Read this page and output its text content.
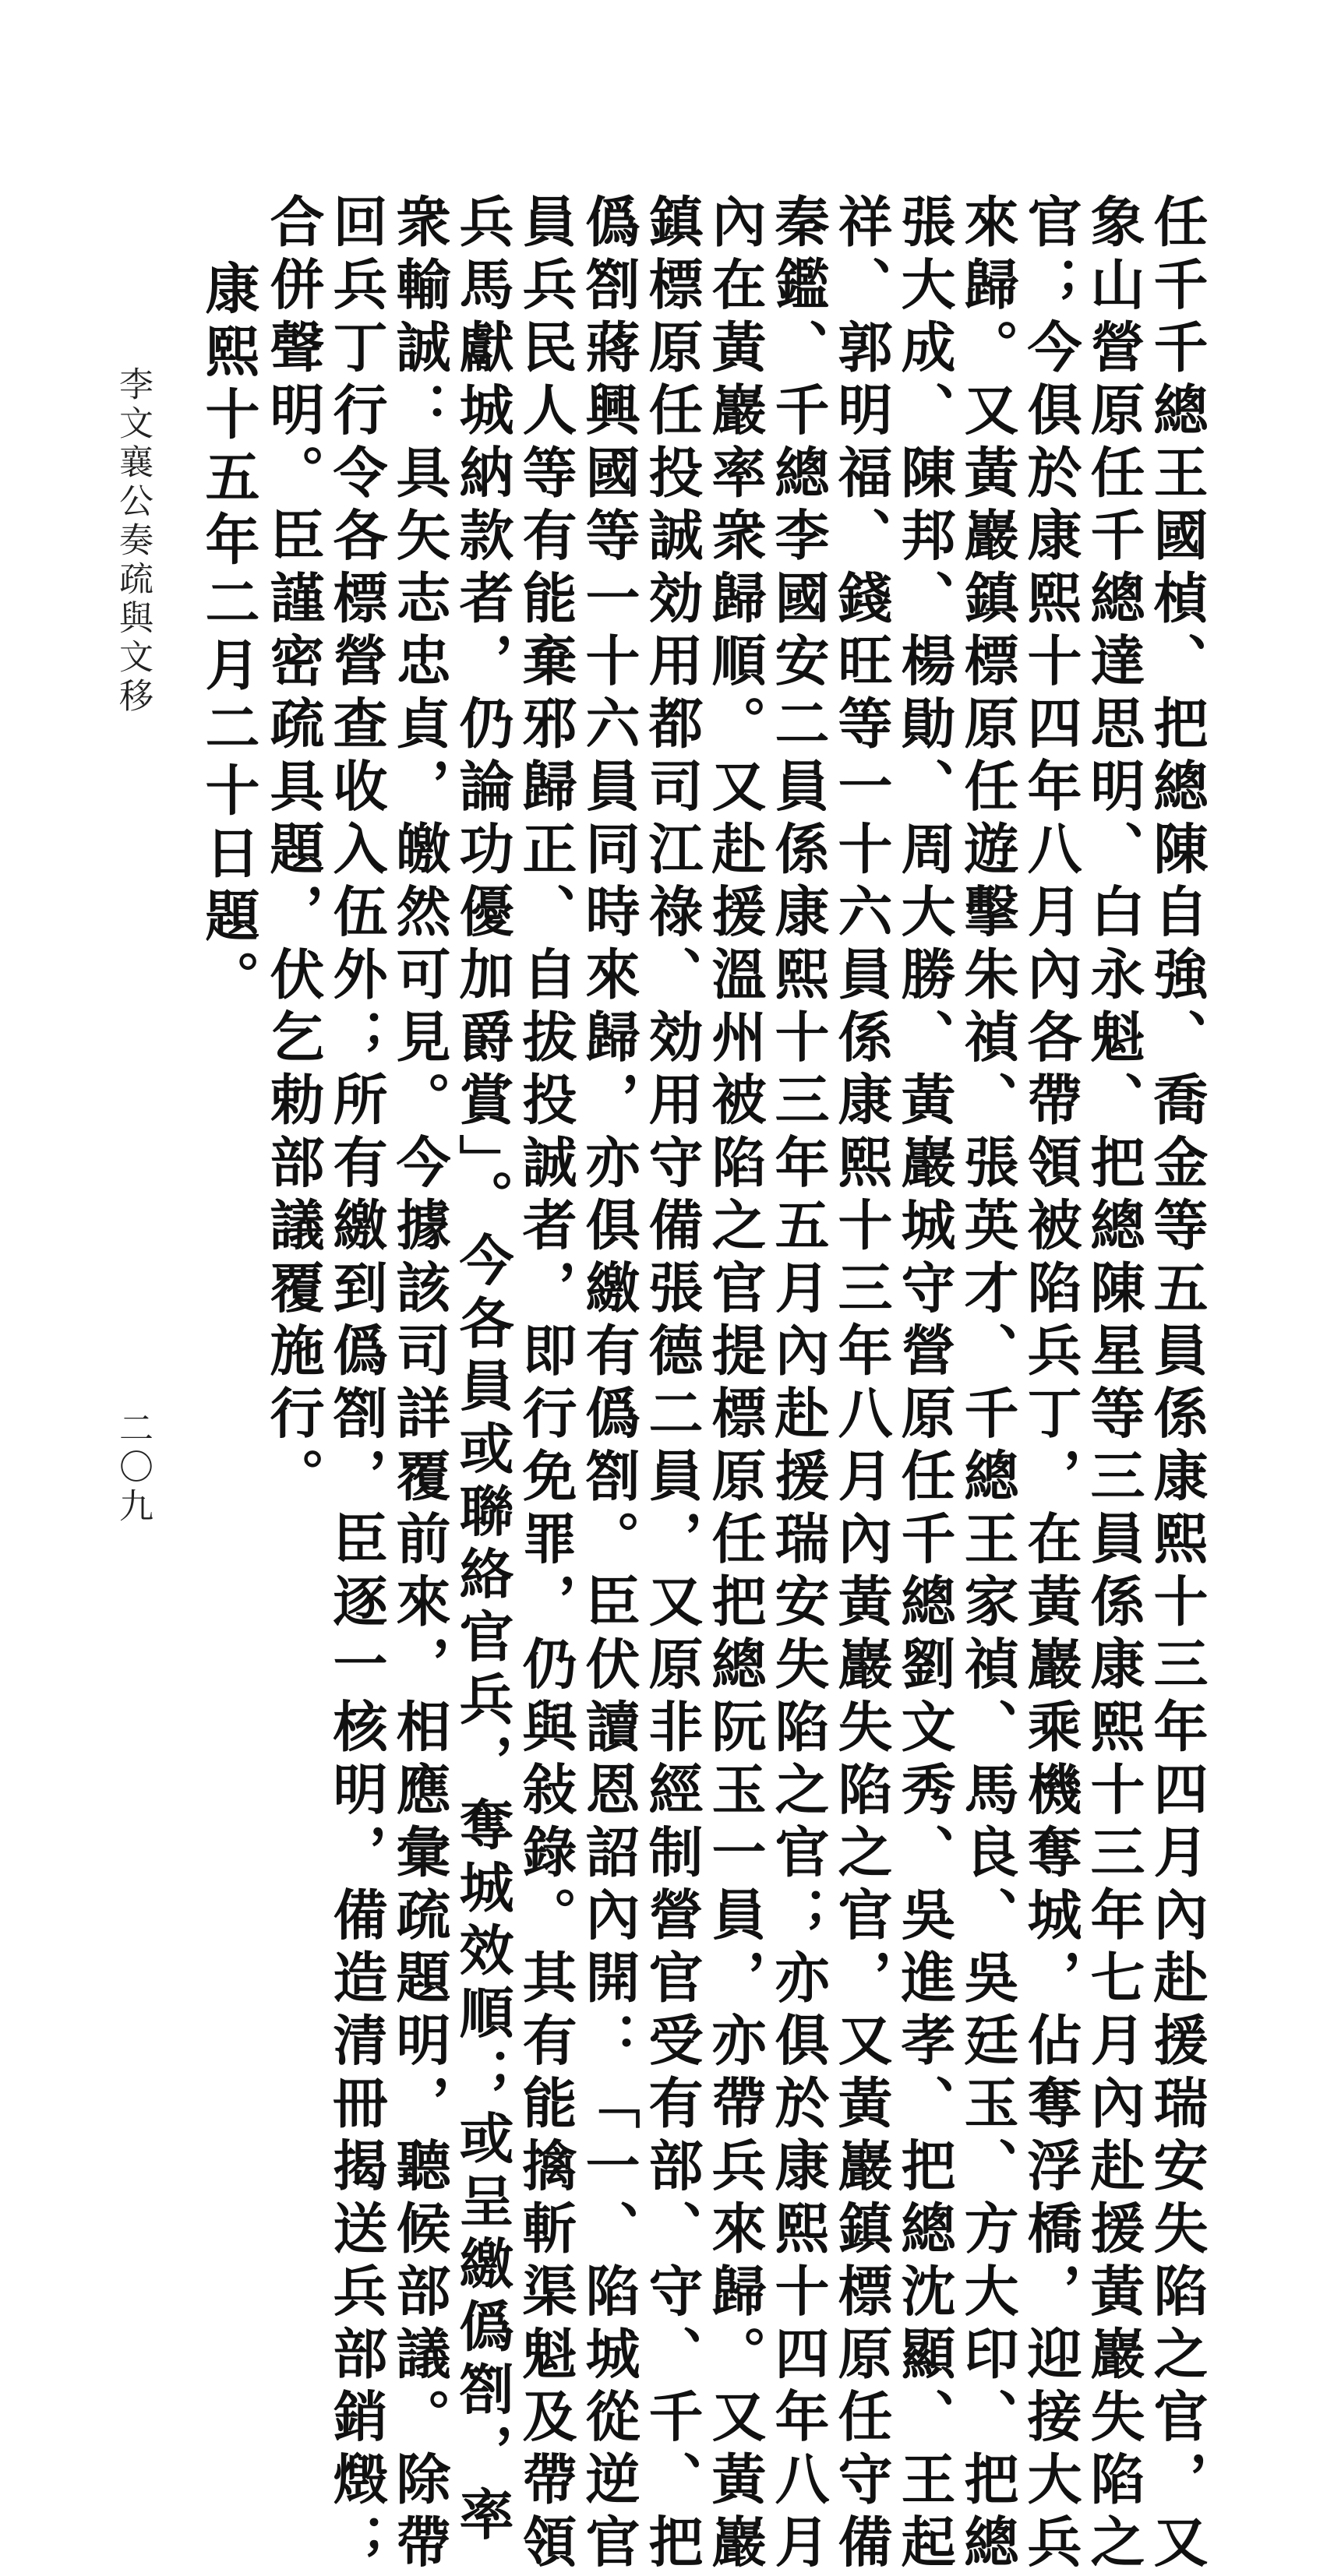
任千千總王國楨、把總陳自強、喬金等五員係康熙十三年四月內赴援瑞安失陷之官，又
象山營原任千總達思明、白永魁、把總陳星等三員係康熙十三年七月內赴援黃巖失陷之
官；今俱於康熙十四年八月內各帶領被陷兵丁，在黃巖乘機奪城，佔奪浮橋，迎接大兵
來歸。又黃巖鎮標原任遊擊朱禎、張英才、千總王家禎、馬良、吳廷玉、方大印、把總
張大成、陳邦、楊勛、周大勝、黃巖城守營原任千總劉文秀、吳進孝、把總沈顯、王起
祥、郭明福、錢旺等一十六員係康熙十三年八月內黃巖失陷之官，又黃巖鎮標原任守備
秦鑑、千總李國安二員係康熙十三年五月內赴援瑞安失陷之官；亦俱於康熙十四年八月
內在黃巖率衆歸順。又赴援溫州被陷之官提標原任把總阮玉一員，亦帶兵來歸。又黃巖
鎮標原任投誠効用都司江祿、効用守備張德二員，又原非經制營官受有部、守、千、把
僞劄蔣興國等一十六員同時來歸，亦俱繳有僞劄。臣伏讀恩詔內開：「一、陷城從逆官
員兵民人等有能棄邪歸正、自拔投誠者，即行免罪，仍與敍錄。其有能擒斬渠魁及帶領
兵馬獻城納款者，仍論功優加爵賞」。今各員或聯絡官兵，奪城效順；或呈繳僞劄，率
衆輸誠：具矢志忠貞，皦然可見。今據該司詳覆前來，相應彙疏題明，聽候部議。除帶
回兵丁行令各標營查收入伍外；所有繳到僞劄，臣逐一核明，備造清冊揭送兵部銷燬；
合併聲明。臣謹密疏具題，伏乞勅部議覆施行。
康熙十五年二月二十日題。
李文襄公奏疏與文移
二〇九
